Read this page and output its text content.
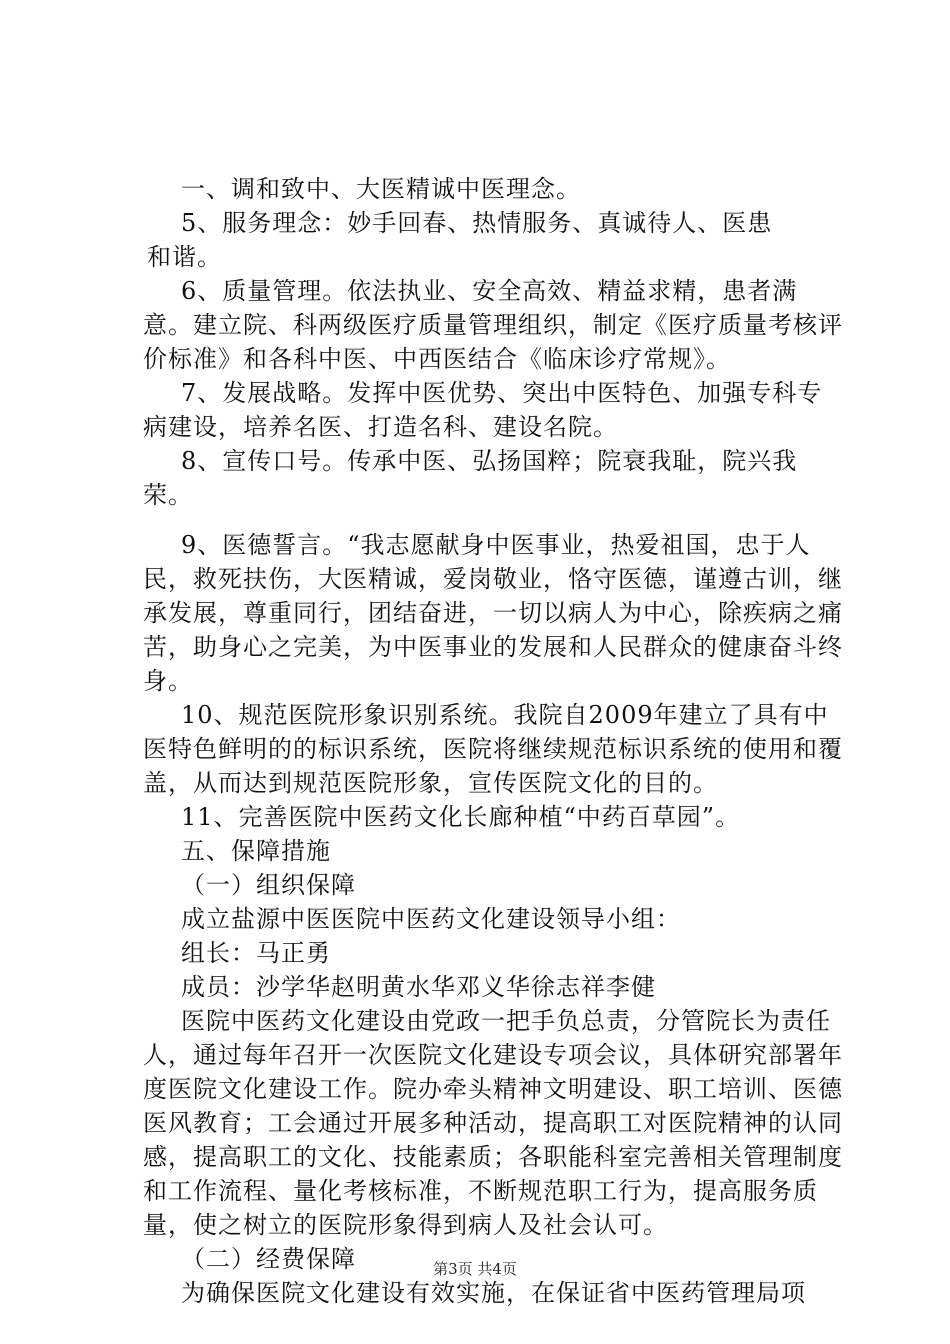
一、调和致中、大医精诚中医理念。

5、服务理念：妙手回春、热情服务、真诚待人、医患

和谐。

6、质量管理。依法执业、安全高效、精益求精，患者满意。建立院、科两级医疗质量管理组织，制定《医疗质量考核评价标准》和各科中医、中西医结合《临床诊疗常规》。

7、发展战略。发挥中医优势、突出中医特色、加强专科专病建设，培养名医、打造名科、建设名院。

8、宣传口号。传承中医、弘扬国粹；院衰我耻，院兴我荣。

9、医德誓言。“我志愿献身中医事业，热爱祖国，忠于人民，救死扶伤，大医精诚，爱岗敬业，恪守医德，谨遵古训，继承发展，尊重同行，团结奋进，一切以病人为中心，除疾病之痛苦，助身心之完美，为中医事业的发展和人民群众的健康奋斗终身。

10、规范医院形象识别系统。我院自2009年建立了具有中医特色鲜明的的标识系统，医院将继续规范标识系统的使用和覆盖，从而达到规范医院形象，宣传医院文化的目的。

11、完善医院中医药文化长廊种植“中药百草园”。

五、保障措施

（一）组织保障

成立盐源中医医院中医药文化建设领导小组：

组长：马正勇

成员：沙学华赵明黄水华邓义华徐志祥李健

医院中医药文化建设由党政一把手负总责，分管院长为责任人，通过每年召开一次医院文化建设专项会议，具体研究部署年度医院文化建设工作。院办牵头精神文明建设、职工培训、医德医风教育；工会通过开展多种活动，提高职工对医院精神的认同感，提高职工的文化、技能素质；各职能科室完善相关管理制度和工作流程、量化考核标准，不断规范职工行为，提高服务质量，使之树立的医院形象得到病人及社会认可。

（二）经费保障

为确保医院文化建设有效实施，在保证省中医药管理局项

第3页 共4页
